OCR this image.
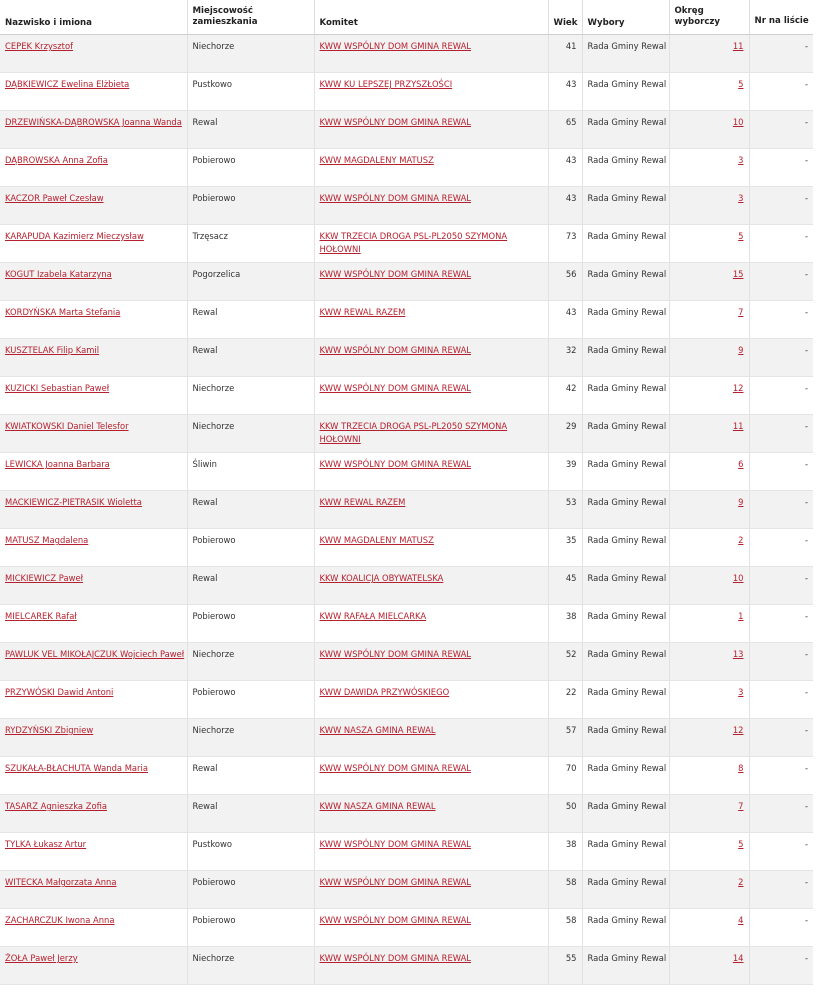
Nazwisko i imiona	Miejscowość zamieszkania	Komitet	Wiek	Wybory	Okręg wyborczy	Nr na liście

CEPEK Krzysztof	Niechorze	KWW WSPÓLNY DOM GMINA REWAL	41	Rada Gminy Rewal	11	-
DĄBKIEWICZ Ewelina Elżbieta	Pustkowo	KWW KU LEPSZEJ PRZYSZŁOŚCI	43	Rada Gminy Rewal	5	-
DRZEWIŃSKA-DĄBROWSKA Joanna Wanda	Rewal	KWW WSPÓLNY DOM GMINA REWAL	65	Rada Gminy Rewal	10	-
DĄBROWSKA Anna Zofia	Pobierowo	KWW MAGDALENY MATUSZ	43	Rada Gminy Rewal	3	-
KACZOR Paweł Czesław	Pobierowo	KWW WSPÓLNY DOM GMINA REWAL	43	Rada Gminy Rewal	3	-
KARAPUDA Kazimierz Mieczysław	Trzęsacz	KKW TRZECIA DROGA PSL-PL2050 SZYMONA HOŁOWNI	73	Rada Gminy Rewal	5	-
KOGUT Izabela Katarzyna	Pogorzelica	KWW WSPÓLNY DOM GMINA REWAL	56	Rada Gminy Rewal	15	-
KORDYŃSKA Marta Stefania	Rewal	KWW REWAL RAZEM	43	Rada Gminy Rewal	7	-
KUSZTELAK Filip Kamil	Rewal	KWW WSPÓLNY DOM GMINA REWAL	32	Rada Gminy Rewal	9	-
KUZICKI Sebastian Paweł	Niechorze	KWW WSPÓLNY DOM GMINA REWAL	42	Rada Gminy Rewal	12	-
KWIATKOWSKI Daniel Telesfor	Niechorze	KKW TRZECIA DROGA PSL-PL2050 SZYMONA HOŁOWNI	29	Rada Gminy Rewal	11	-
LEWICKA Joanna Barbara	Śliwin	KWW WSPÓLNY DOM GMINA REWAL	39	Rada Gminy Rewal	6	-
MACKIEWICZ-PIETRASIK Wioletta	Rewal	KWW REWAL RAZEM	53	Rada Gminy Rewal	9	-
MATUSZ Magdalena	Pobierowo	KWW MAGDALENY MATUSZ	35	Rada Gminy Rewal	2	-
MICKIEWICZ Paweł	Rewal	KKW KOALICJA OBYWATELSKA	45	Rada Gminy Rewal	10	-
MIELCAREK Rafał	Pobierowo	KWW RAFAŁA MIELCARKA	38	Rada Gminy Rewal	1	-
PAWLUK VEL MIKOŁAJCZUK Wojciech Paweł	Niechorze	KWW WSPÓLNY DOM GMINA REWAL	52	Rada Gminy Rewal	13	-
PRZYWÓSKI Dawid Antoni	Pobierowo	KWW DAWIDA PRZYWÓSKIEGO	22	Rada Gminy Rewal	3	-
RYDZYŃSKI Zbigniew	Niechorze	KWW NASZA GMINA REWAL	57	Rada Gminy Rewal	12	-
SZUKAŁA-BŁACHUTA Wanda Maria	Rewal	KWW WSPÓLNY DOM GMINA REWAL	70	Rada Gminy Rewal	8	-
TASARZ Agnieszka Zofia	Rewal	KWW NASZA GMINA REWAL	50	Rada Gminy Rewal	7	-
TYLKA Łukasz Artur	Pustkowo	KWW WSPÓLNY DOM GMINA REWAL	38	Rada Gminy Rewal	5	-
WITECKA Małgorzata Anna	Pobierowo	KWW WSPÓLNY DOM GMINA REWAL	58	Rada Gminy Rewal	2	-
ZACHARCZUK Iwona Anna	Pobierowo	KWW WSPÓLNY DOM GMINA REWAL	58	Rada Gminy Rewal	4	-
ŻOŁA Paweł Jerzy	Niechorze	KWW WSPÓLNY DOM GMINA REWAL	55	Rada Gminy Rewal	14	-
